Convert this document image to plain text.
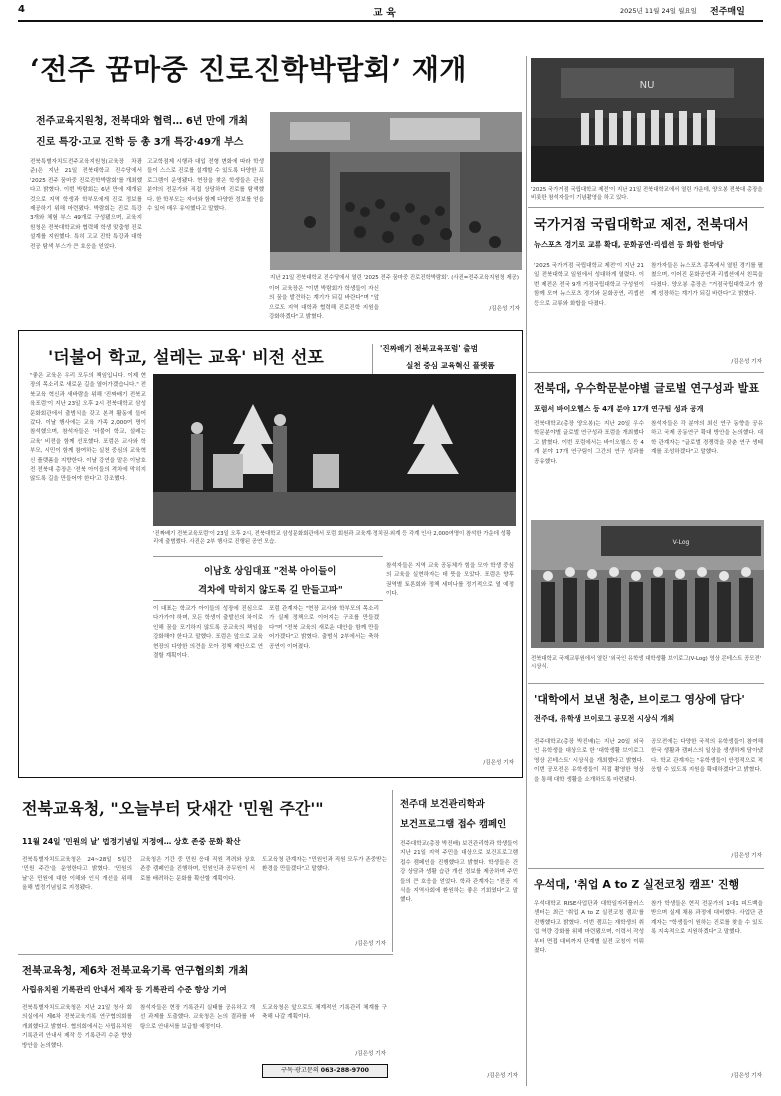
4	교 육	2025년 11월 24일 월요일 전주매일
‘전주 꿈마중 진로진학박람회’ 재개
전주교육지원청, 전북대와 협력… 6년 만에 개최
진로 특강·고교 진학 등 총 3개 특강·49개 부스
전북특별자치도전주교육지원청(교육장 차광준)은 지난 21일 전북대학교 진수당에서 '2025 전주 꿈마중 진로진학박람회'를 개최했다고 밝혔다. 이번 박람회는 6년 만에 재개된 것으로 지역 학생과 학부모에게 진로 정보를 제공하기 위해 마련됐다. 박람회는 진로 특강 3개와 체험 부스 49개로 구성됐으며, 교육지원청은 전북대학교와 협력해 학생 맞춤형 진로 설계를 지원했다. 특히 고교 진학 특강과 대학 전공 탐색 부스가 큰 호응을 얻었다.
고교학점제 시행과 대입 전형 변화에 따라 학생들이 스스로 진로를 설계할 수 있도록 다양한 프로그램이 운영됐다. 현장을 찾은 학생들은 관심 분야의 전문가와 직접 상담하며 진로를 탐색했다. 한 학부모는 자녀와 함께 다양한 정보를 얻을 수 있어 매우 유익했다고 말했다.
이어 교육장은 "이번 박람회가 학생들이 자신의 꿈을 발견하는 계기가 되길 바란다"며 "앞으로도 지역 대학과 협력해 진로진학 지원을 강화하겠다"고 밝혔다.
/김은성 기자
지난 21일 전북대학교 진수당에서 열린 '2025 전주 꿈마중 진로진학박람회'. (사진=전주교육지원청 제공)
NU
'2025 국가거점 국립대학교 제전'이 지난 21일 전북대학교에서 열린 가운데, 양오봉 전북대 총장을 비롯한 참석자들이 기념촬영을 하고 있다.
국가거점 국립대학교 제전, 전북대서
뉴스포츠 경기로 교류 확대, 문화공연·리셉션 등 화합 한마당
'2025 국가거점 국립대학교 제전'이 지난 21일 전북대학교 일원에서 성대하게 열렸다. 이번 제전은 전국 9개 거점국립대학교 구성원이 함께 모여 뉴스포츠 경기와 문화공연, 리셉션 등으로 교류와 화합을 다졌다.
참가자들은 뉴스포츠 종목에서 열띤 경기를 펼쳤으며, 이어진 문화공연과 리셉션에서 친목을 다졌다. 양오봉 총장은 "거점국립대학교가 함께 성장하는 계기가 되길 바란다"고 밝혔다.
/김은성 기자
전북대, 우수학문분야별 글로벌 연구성과 발표
포럼서 바이오헬스 등 4개 분야 17개 연구팀 성과 공개
전북대학교(총장 양오봉)는 지난 20일 우수학문분야별 글로벌 연구성과 포럼을 개최했다고 밝혔다. 이번 포럼에서는 바이오헬스 등 4개 분야 17개 연구팀이 그간의 연구 성과를 공유했다.
참석자들은 각 분야의 최신 연구 동향을 공유하고 국제 공동연구 확대 방안을 논의했다. 대학 관계자는 "글로벌 경쟁력을 갖춘 연구 생태계를 조성하겠다"고 말했다.
V-Log
전북대학교 국제교류원에서 열린 '외국인 유학생 대학생활 브이로그(V-Log) 영상 콘테스트 공모전' 시상식.
'대학에서 보낸 청춘, 브이로그 영상에 담다'
전주대, 유학생 브이로그 공모전 시상식 개최
전주대학교(총장 박진배)는 지난 20일 외국인 유학생을 대상으로 한 '대학생활 브이로그 영상 콘테스트' 시상식을 개최했다고 밝혔다. 이번 공모전은 유학생들이 직접 촬영한 영상을 통해 대학 생활을 소개하도록 마련됐다.
공모전에는 다양한 국적의 유학생들이 참여해 한국 생활과 캠퍼스의 일상을 생생하게 담아냈다. 학교 관계자는 "유학생들이 안정적으로 적응할 수 있도록 지원을 확대하겠다"고 밝혔다.
/김은성 기자
우석대, '취업 A to Z 실전코칭 캠프' 진행
우석대학교 RISE사업단과 대학일자리플러스센터는 최근 '취업 A to Z 실전코칭 캠프'를 진행했다고 밝혔다. 이번 캠프는 재학생의 취업 역량 강화를 위해 마련됐으며, 이력서 작성부터 면접 대비까지 단계별 실전 코칭이 이뤄졌다.
참가 학생들은 현직 전문가의 1대1 피드백을 받으며 실제 채용 과정에 대비했다. 사업단 관계자는 "학생들이 원하는 진로를 찾을 수 있도록 지속적으로 지원하겠다"고 말했다.
/김은성 기자
'더불어 학교, 설레는 교육' 비전 선포	'진짜배기 전북교육포럼' 출범
실천 중심 교육혁신 플랫폼
"좋은 교육은 우리 모두의 책임입니다. 이제 현장의 목소리로 새로운 길을 열어가겠습니다." 전북교육 혁신과 새바람을 위해 '진짜배기 전북교육포럼'이 지난 23일 오후 2시 전북대학교 삼성문화회관에서 출범식을 갖고 본격 활동에 들어갔다. 이날 행사에는 교육 가족 2,000여 명이 참석했으며, 참석자들은 '더불어 학교, 설레는 교육' 비전을 함께 선포했다. 포럼은 교사와 학부모, 시민이 함께 참여하는 실천 중심의 교육혁신 플랫폼을 지향한다. 이날 강연을 맡은 이남호 전 전북대 총장은 '전북 아이들의 격차에 막히지 않도록 길을 만들어야 한다'고 강조했다.
'진짜배기 전북교육포럼'이 23일 오후 2시, 전북대학교 삼성문화회관에서 포럼 회원과 교육계·정치권·외계 등 각계 인사 2,000여명이 참석한 가운데 성황리에 출범했다. 사진은 2부 행사로 진행된 공연 모습.
이남호 상임대표 "전북 아이들이
격차에 막히지 않도록 길 만들고파"
이 대표는 학교가 아이들의 성장에 진심으로 다가가야 하며, 모든 학생이 출발선의 차이로 인해 꿈을 포기하지 않도록 공교육의 책임을 강화해야 한다고 말했다. 포럼은 앞으로 교육 현장의 다양한 의견을 모아 정책 제안으로 연결할 계획이다.
포럼 관계자는 "현장 교사와 학부모의 목소리가 실제 정책으로 이어지는 구조를 만들겠다"며 "전북 교육의 새로운 대안을 함께 만들어가겠다"고 밝혔다. 출범식 2부에서는 축하 공연이 이어졌다.
참석자들은 지역 교육 공동체가 힘을 모아 학생 중심의 교육을 실현하자는 데 뜻을 모았다. 포럼은 향후 권역별 토론회와 정책 세미나를 정기적으로 열 예정이다.
/김은성 기자
전북교육청, "오늘부터 닷새간 '민원 주간'"
11월 24일 '민원의 날' 법정기념일 지정에… 상호 존중 문화 확산
전북특별자치도교육청은 24~28일 5일간 '민원 주간'을 운영한다고 밝혔다. '민원의 날'은 민원에 대한 이해와 인식 개선을 위해 올해 법정기념일로 지정됐다.
교육청은 기간 중 민원 응대 직원 격려와 상호 존중 캠페인을 진행하며, 민원인과 공무원이 서로를 배려하는 문화를 확산할 계획이다.
도교육청 관계자는 "민원인과 직원 모두가 존중받는 환경을 만들겠다"고 말했다.
/김은성 기자
전주대 보건관리학과
보건프로그램 접수 캠페인
전주대학교(총장 박진배) 보건관리학과 학생들이 지난 21일 지역 주민을 대상으로 보건프로그램 접수 캠페인을 진행했다고 밝혔다. 학생들은 건강 상담과 생활 습관 개선 정보를 제공하며 주민들의 큰 호응을 얻었다. 학과 관계자는 "전공 지식을 지역사회에 환원하는 좋은 기회였다"고 말했다.
/김은성 기자
전북교육청, 제6차 전북교육기록 연구협의회 개최
사립유치원 기록관리 안내서 제작 등 기록관리 수준 향상 기여
전북특별자치도교육청은 지난 21일 청사 회의실에서 제6차 전북교육기록 연구협의회를 개최했다고 밝혔다. 협의회에서는 사립유치원 기록관리 안내서 제작 등 기록관리 수준 향상 방안을 논의했다.
참석자들은 현장 기록관리 실태를 공유하고 개선 과제를 도출했다. 교육청은 논의 결과를 바탕으로 안내서를 보급할 예정이다.
도교육청은 앞으로도 체계적인 기록관리 체계를 구축해 나갈 계획이다.
/김은성 기자
구독·광고문의 063-288-9700
